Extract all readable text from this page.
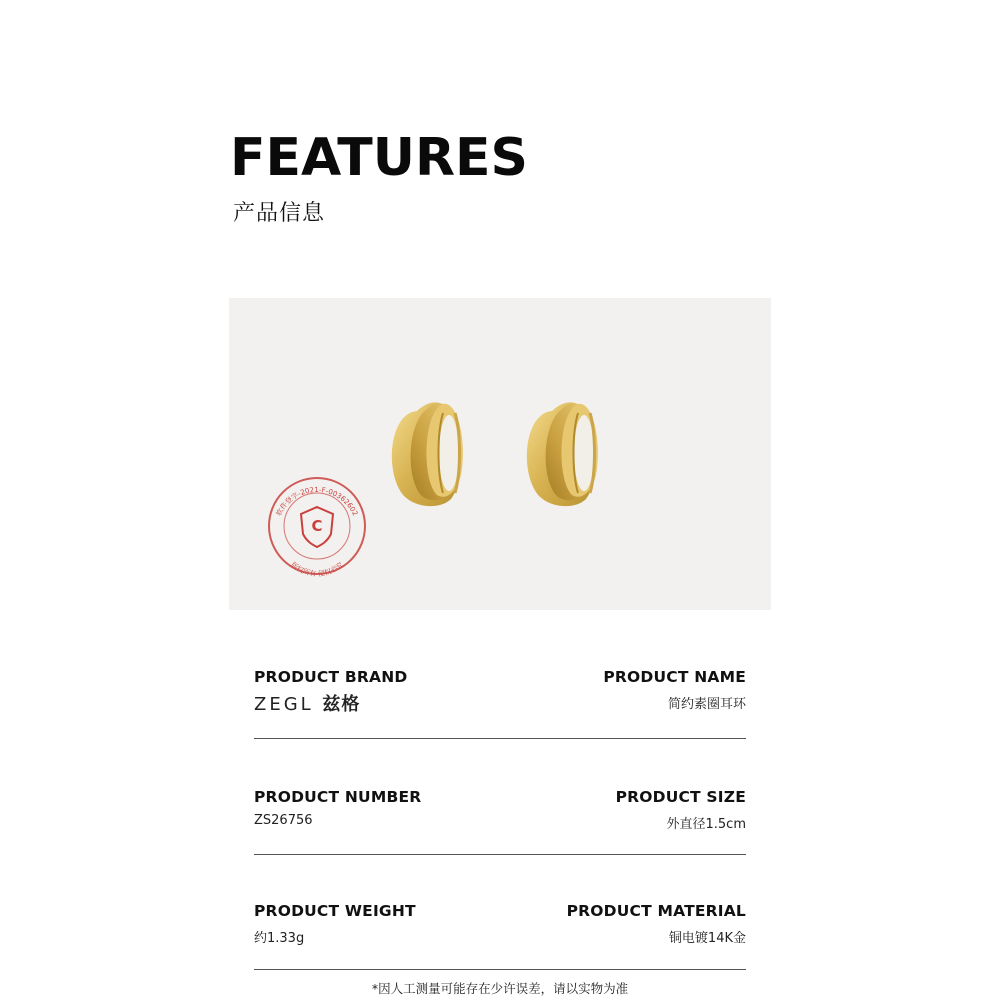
FEATURES
产品信息
软件登字-2021-F-00362602
版权所有 侵权必究
C
PRODUCT BRAND
ZEGL 兹格
PRODUCT NAME
简约素圈耳环
PRODUCT NUMBER
ZS26756
PRODUCT SIZE
外直径1.5cm
PRODUCT WEIGHT
约1.33g
PRODUCT MATERIAL
铜电镀14K金
*因人工测量可能存在少许误差，请以实物为准
